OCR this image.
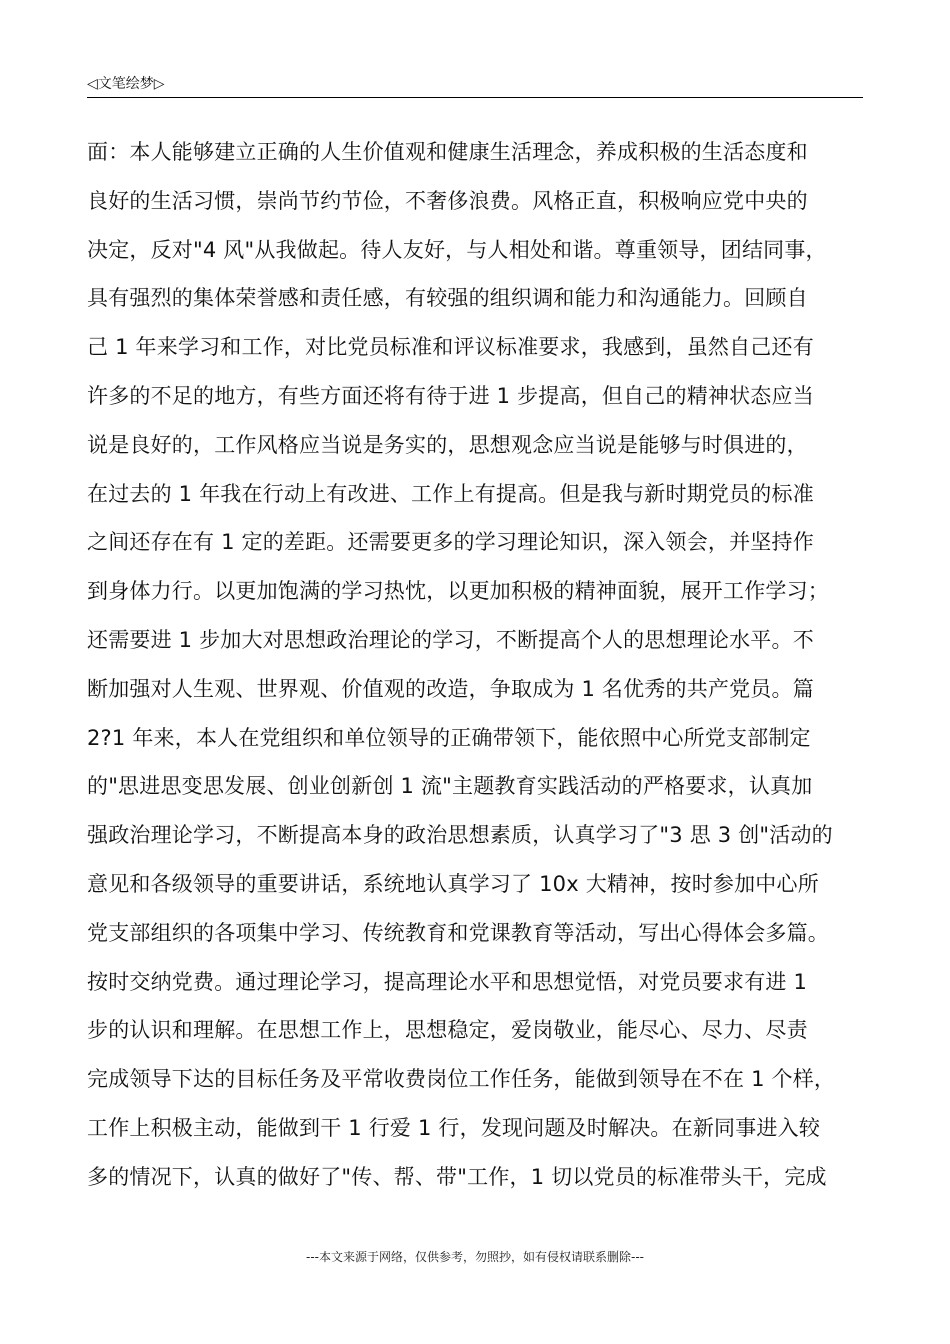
◁文笔绘梦▷
面：本人能够建立正确的人生价值观和健康生活理念，养成积极的生活态度和
良好的生活习惯，崇尚节约节俭，不奢侈浪费。风格正直，积极响应党中央的
决定，反对"4 风"从我做起。待人友好，与人相处和谐。尊重领导，团结同事，
具有强烈的集体荣誉感和责任感，有较强的组织调和能力和沟通能力。回顾自
己 1 年来学习和工作，对比党员标准和评议标准要求，我感到，虽然自己还有
许多的不足的地方，有些方面还将有待于进 1 步提高，但自己的精神状态应当
说是良好的，工作风格应当说是务实的，思想观念应当说是能够与时俱进的，
在过去的 1 年我在行动上有改进、工作上有提高。但是我与新时期党员的标准
之间还存在有 1 定的差距。还需要更多的学习理论知识，深入领会，并坚持作
到身体力行。以更加饱满的学习热忱，以更加积极的精神面貌，展开工作学习；
还需要进 1 步加大对思想政治理论的学习，不断提高个人的思想理论水平。不
断加强对人生观、世界观、价值观的改造，争取成为 1 名优秀的共产党员。篇
2?1 年来，本人在党组织和单位领导的正确带领下，能依照中心所党支部制定
的"思进思变思发展、创业创新创 1 流"主题教育实践活动的严格要求，认真加
强政治理论学习，不断提高本身的政治思想素质，认真学习了"3 思 3 创"活动的
意见和各级领导的重要讲话，系统地认真学习了 10x 大精神，按时参加中心所
党支部组织的各项集中学习、传统教育和党课教育等活动，写出心得体会多篇。
按时交纳党费。通过理论学习，提高理论水平和思想觉悟，对党员要求有进 1
步的认识和理解。在思想工作上，思想稳定，爱岗敬业，能尽心、尽力、尽责
完成领导下达的目标任务及平常收费岗位工作任务，能做到领导在不在 1 个样，
工作上积极主动，能做到干 1 行爱 1 行，发现问题及时解决。在新同事进入较
多的情况下，认真的做好了"传、帮、带"工作，1 切以党员的标准带头干，完成
---本文来源于网络，仅供参考，勿照抄，如有侵权请联系删除---
